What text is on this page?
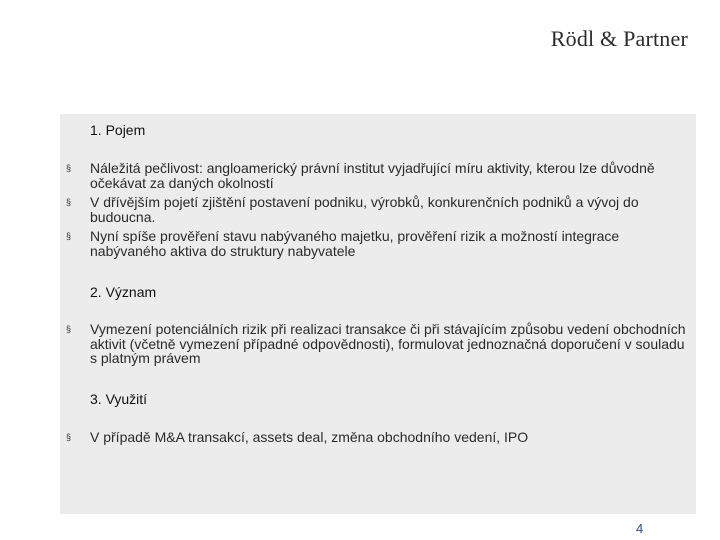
Rödl & Partner
1. Pojem
§ Náležitá pečlivost: angloamerický právní institut vyjadřující míru aktivity, kterou lze důvodně očekávat za daných okolností
§ V dřívějším pojetí zjištění postavení podniku, výrobků, konkurenčních podniků a vývoj do budoucna.
§ Nyní spíše prověření stavu nabývaného majetku, prověření rizik a možností integrace nabývaného aktiva do struktury nabyvatele
2. Význam
§ Vymezení potenciálních rizik při realizaci transakce či při stávajícím způsobu vedení obchodních aktivit (včetně vymezení případné odpovědnosti), formulovat jednoznačná doporučení v souladu s platným právem
3. Využití
§ V případě M&A transakcí, assets deal, změna obchodního vedení, IPO
4
